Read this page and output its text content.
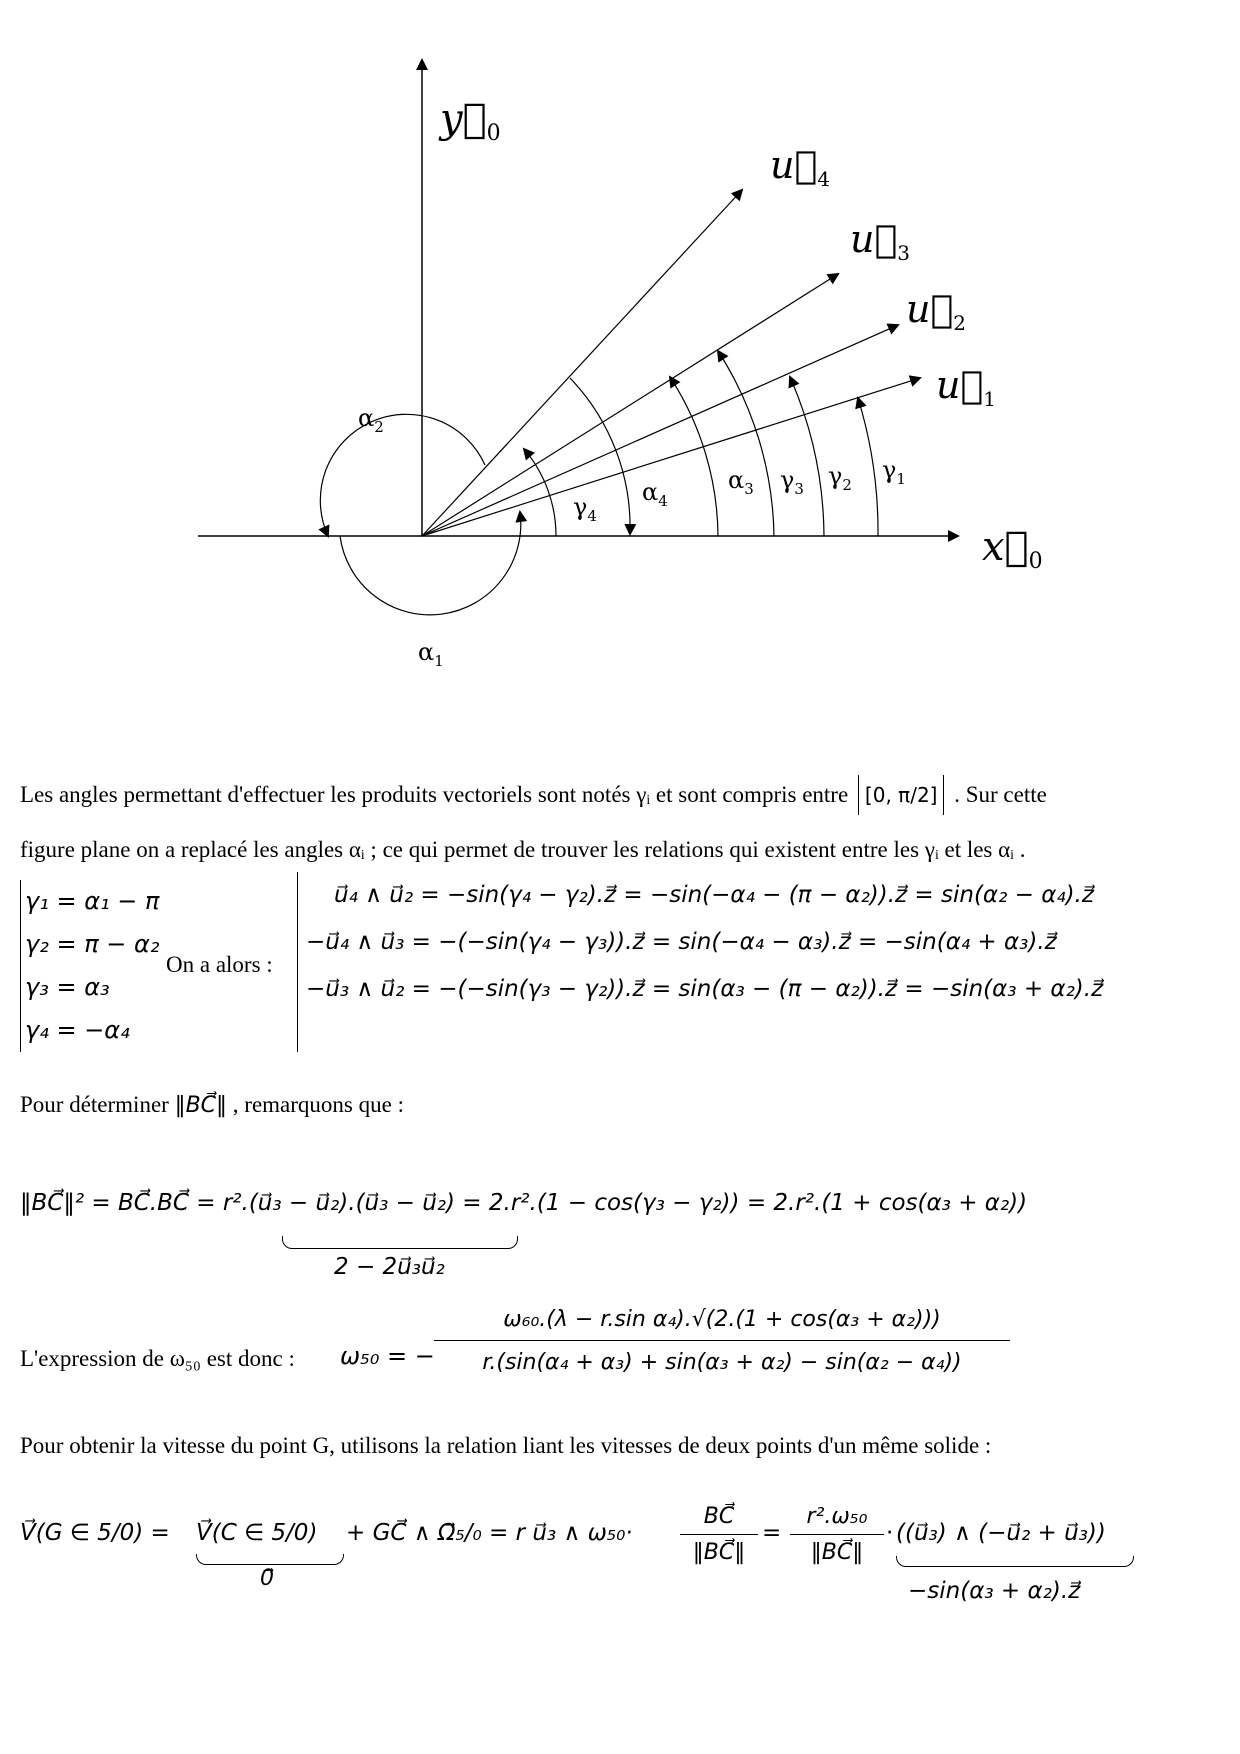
$y⃗_0$
$x⃗_0$
$u⃗_4$
$u⃗_3$
$u⃗_2$
$u⃗_1$
$\alpha_2$
$\alpha_1$
$\alpha_4$
$\alpha_3$
$\gamma_4$
$\gamma_3$ $\gamma_2$
$\gamma_1$
Les angles permettant d'effectuer les produits vectoriels sont notés γᵢ et sont compris entre [0, π/2] . Sur cette
figure plane on a replacé les angles αᵢ ; ce qui permet de trouver les relations qui existent entre les γᵢ et les αᵢ .
γ₁ = α₁ − π
γ₂ = π − α₂
γ₃ = α₃
γ₄ = −α₄
On a alors :
u⃗₄ ∧ u⃗₂ = −sin(γ₄ − γ₂).z⃗ = −sin(−α₄ − (π − α₂)).z⃗ = sin(α₂ − α₄).z⃗
−u⃗₄ ∧ u⃗₃ = −(−sin(γ₄ − γ₃)).z⃗ = sin(−α₄ − α₃).z⃗ = −sin(α₄ + α₃).z⃗
−u⃗₃ ∧ u⃗₂ = −(−sin(γ₃ − γ₂)).z⃗ = sin(α₃ − (π − α₂)).z⃗ = −sin(α₃ + α₂).z⃗
Pour déterminer ‖BC⃗‖ , remarquons que :
‖BC⃗‖² = BC⃗.BC⃗ = r².(u⃗₃ − u⃗₂).(u⃗₃ − u⃗₂) = 2.r².(1 − cos(γ₃ − γ₂)) = 2.r².(1 + cos(α₃ + α₂))
2 − 2u⃗₃u⃗₂
L'expression de ω₅₀ est donc : ω₅₀ = −
ω₆₀.(λ − r.sin α₄).√(2.(1 + cos(α₃ + α₂)))
r.(sin(α₄ + α₃) + sin(α₃ + α₂) − sin(α₂ − α₄))
Pour obtenir la vitesse du point G, utilisons la relation liant les vitesses de deux points d'un même solide :
V⃗(G ∈ 5/0) = V⃗(C ∈ 5/0)
0⃗
+ GC⃗ ∧ Ω⃗₅/₀ = r u⃗₃ ∧ ω₅₀·
BC⃗
‖BC⃗‖
=
r².ω₅₀
‖BC⃗‖
· ((u⃗₃) ∧ (−u⃗₂ + u⃗₃))
−sin(α₃ + α₂).z⃗
